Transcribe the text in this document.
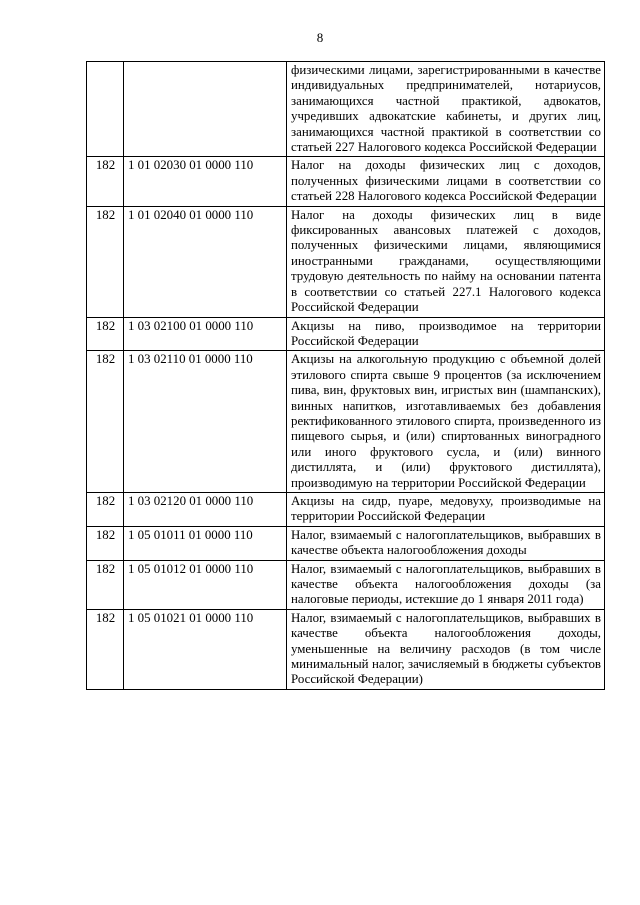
8
		физическими лицами, зарегистрированными в качестве индивидуальных предпринимателей, нотариусов, занимающихся частной практикой, адвокатов, учредивших адвокатские кабинеты, и других лиц, занимающихся частной практикой в соответствии со статьей 227 Налогового кодекса Российской Федерации
182	1 01 02030 01 0000 110	Налог на доходы физических лиц с доходов, полученных физическими лицами в соответствии со статьей 228 Налогового кодекса Российской Федерации
182	1 01 02040 01 0000 110	Налог на доходы физических лиц в виде фиксированных авансовых платежей с доходов, полученных физическими лицами, являющимися иностранными гражданами, осуществляющими трудовую деятельность по найму на основании патента в соответствии со статьей 227.1 Налогового кодекса Российской Федерации
182	1 03 02100 01 0000 110	Акцизы на пиво, производимое на территории Российской Федерации
182	1 03 02110 01 0000 110	Акцизы на алкогольную продукцию с объемной долей этилового спирта свыше 9 процентов (за исключением пива, вин, фруктовых вин, игристых вин (шампанских), винных напитков, изготавливаемых без добавления ректификованного этилового спирта, произведенного из пищевого сырья, и (или) спиртованных виноградного или иного фруктового сусла, и (или) винного дистиллята, и (или) фруктового дистиллята), производимую на территории Российской Федерации
182	1 03 02120 01 0000 110	Акцизы на сидр, пуаре, медовуху, производимые на территории Российской Федерации
182	1 05 01011 01 0000 110	Налог, взимаемый с налогоплательщиков, выбравших в качестве объекта налогообложения доходы
182	1 05 01012 01 0000 110	Налог, взимаемый с налогоплательщиков, выбравших в качестве объекта налогообложения доходы (за налоговые периоды, истекшие до 1 января 2011 года)
182	1 05 01021 01 0000 110	Налог, взимаемый с налогоплательщиков, выбравших в качестве объекта налогообложения доходы, уменьшенные на величину расходов (в том числе минимальный налог, зачисляемый в бюджеты субъектов Российской Федерации)
